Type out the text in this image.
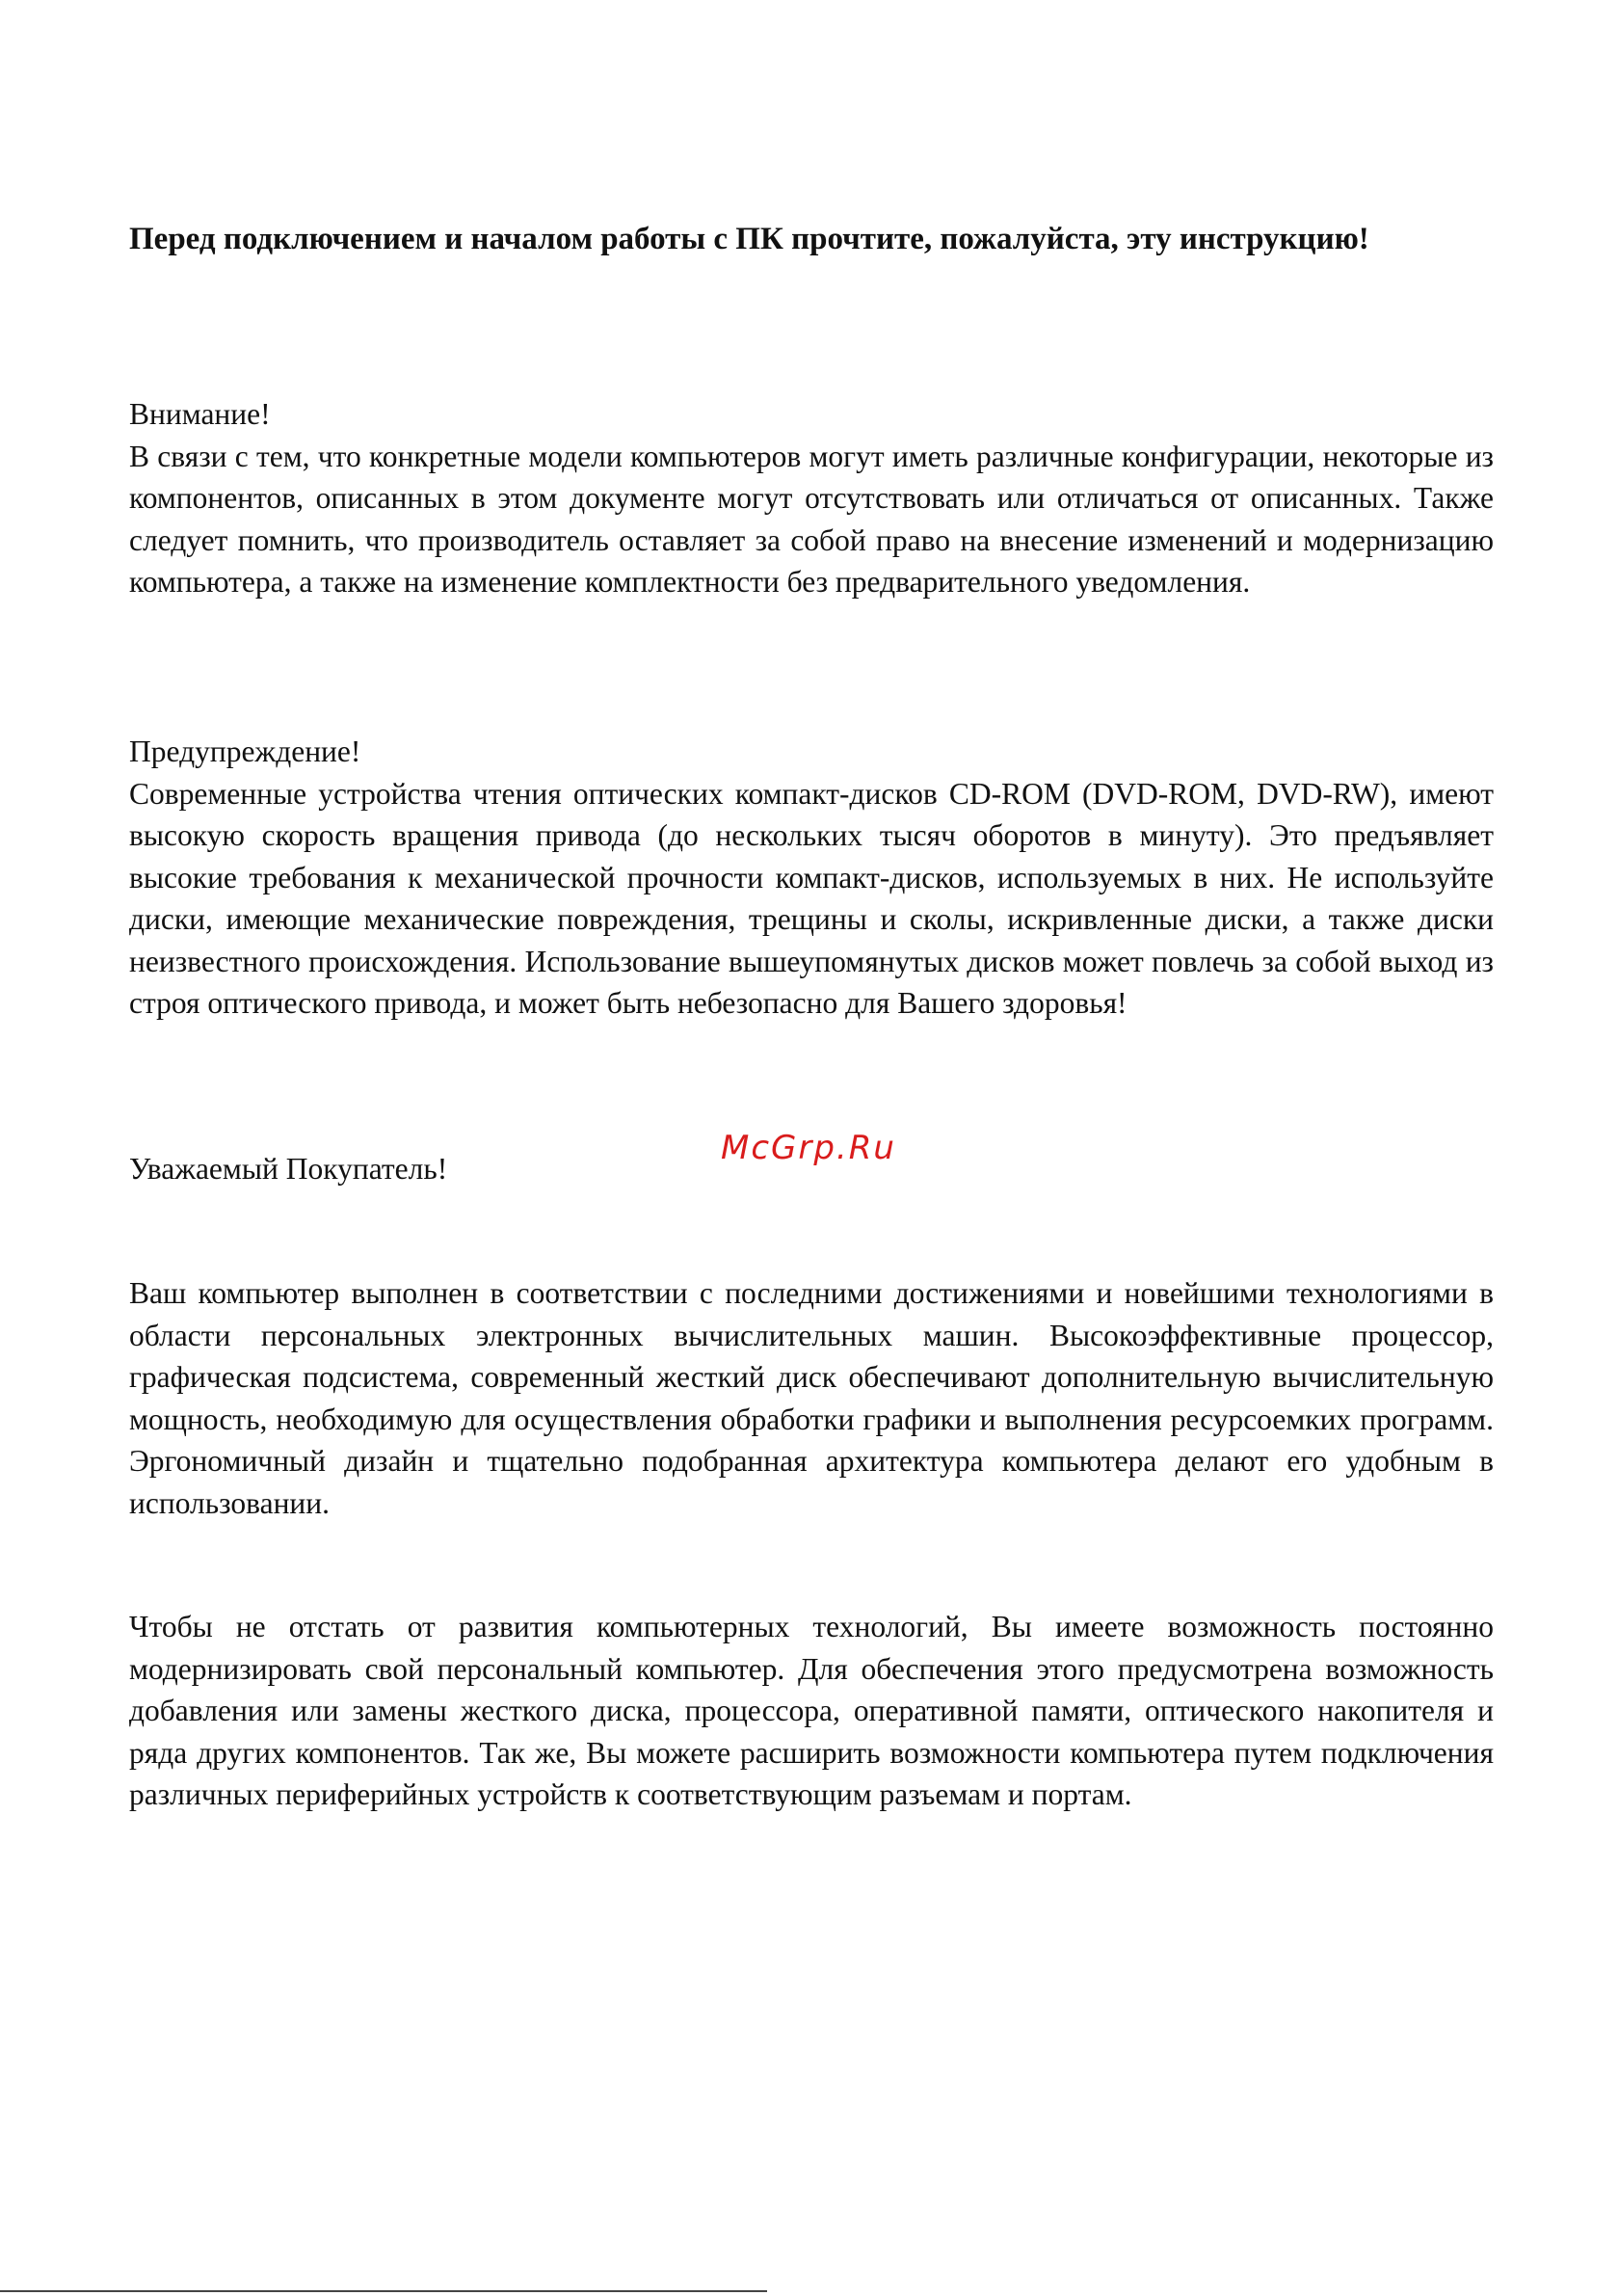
Перед подключением и началом работы с ПК прочтите, пожалуйста, эту инструкцию!
Внимание!
В связи с тем, что конкретные модели компьютеров могут иметь различные конфигурации, некоторые из компонентов, описанных в этом документе могут отсутствовать или отличаться от описанных. Также следует помнить, что производитель оставляет за собой право на внесение изменений и модернизацию компьютера, а также на изменение комплектности без предварительного уведомления.
Предупреждение!
Современные устройства чтения оптических компакт-дисков CD-ROM (DVD-ROM, DVD-RW), имеют высокую скорость вращения привода (до нескольких тысяч оборотов в минуту). Это предъявляет высокие требования к механической прочности компакт-дисков, используемых в них. Не используйте диски, имеющие механические повреждения, трещины и сколы, искривленные диски, а также диски неизвестного происхождения. Использование вышеупомянутых дисков может повлечь за собой выход из строя оптического привода, и может быть небезопасно для Вашего здоровья!

Уважаемый Покупатель!

McGrp.Ru

Ваш компьютер выполнен в соответствии с последними достижениями и новейшими технологиями в области персональных электронных вычислительных машин. Высокоэффективные процессор, графическая подсистема, современный жесткий диск обеспечивают дополнительную вычислительную мощность, необходимую для осуществления обработки графики и выполнения ресурсоемких программ. Эргономичный дизайн и тщательно подобранная архитектура компьютера делают его удобным в использовании.

Чтобы не отстать от развития компьютерных технологий, Вы имеете возможность постоянно модернизировать свой персональный компьютер. Для обеспечения этого предусмотрена возможность добавления или замены жесткого диска, процессора, оперативной памяти, оптического накопителя и ряда других компонентов. Так же, Вы можете расширить возможности компьютера путем подключения различных периферийных устройств к соответствующим разъемам и портам.
